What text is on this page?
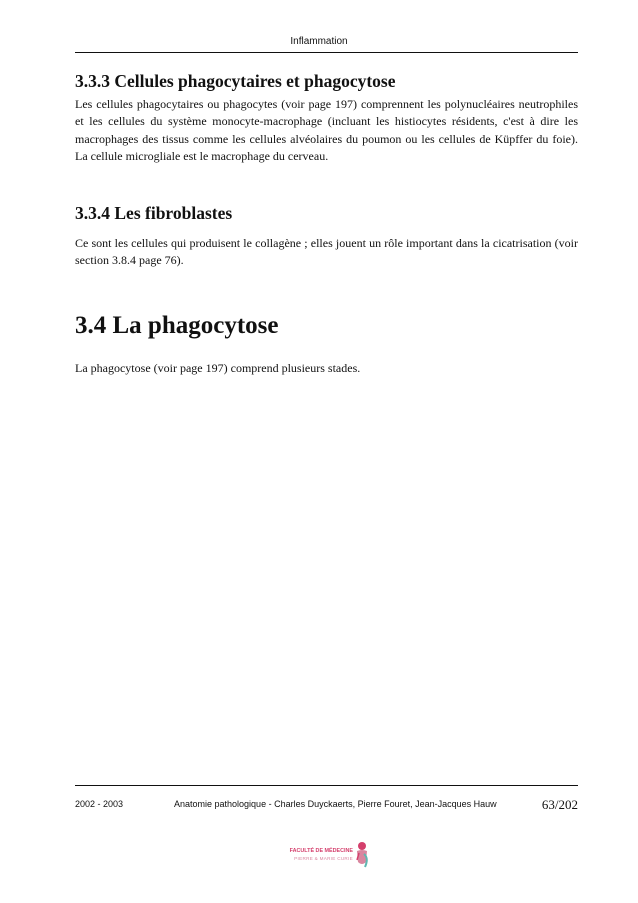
Inflammation
3.3.3 Cellules phagocytaires et phagocytose

Les cellules phagocytaires ou phagocytes (voir page 197) comprennent les polynucléaires neutrophiles et les cellules du système monocyte-macrophage (incluant les histiocytes résidents, c'est à dire les macrophages des tissus comme les cellules alvéolaires du poumon ou les cellules de Küpffer du foie). La cellule microgliale est le macrophage du cerveau.

3.3.4 Les fibroblastes

Ce sont les cellules qui produisent le collagène ; elles jouent un rôle important dans la cicatrisation (voir section 3.8.4 page 76).

3.4 La phagocytose

La phagocytose (voir page 197) comprend plusieurs stades.

2002 - 2003	Anatomie pathologique - Charles Duyckaerts, Pierre Fouret, Jean-Jacques Hauw	63/202
FACULTÉ DE MÉDECINE
PIERRE & MARIE CURIE
